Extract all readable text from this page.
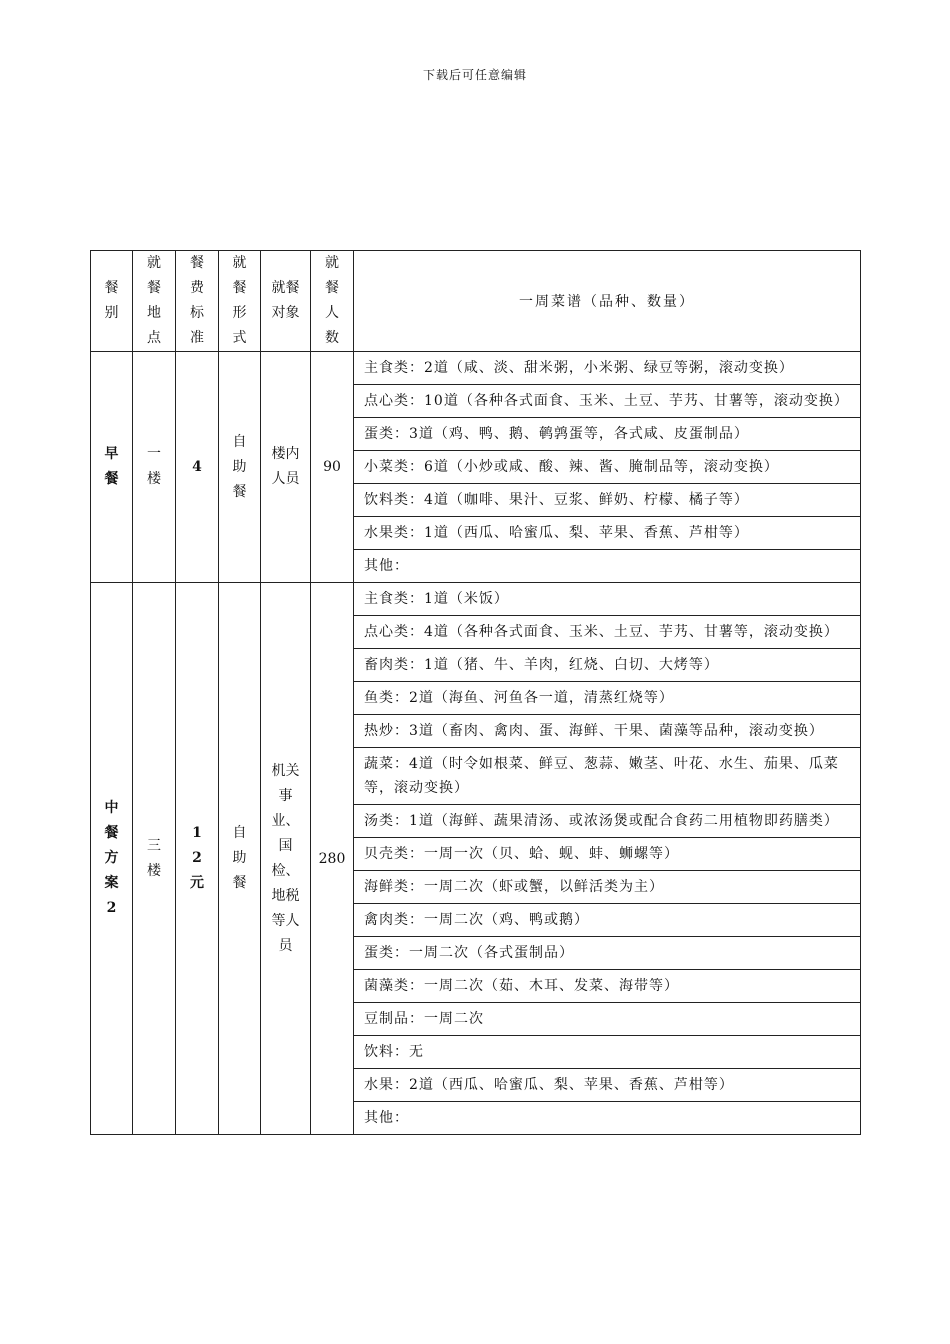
下载后可任意编辑
餐别	就餐地点	餐费标准	就餐形式	就餐对象	就餐人数	一周菜谱（品种、数量）
早餐	一楼	4	自助餐	楼内人员	90	主食类：2道（咸、淡、甜米粥，小米粥、绿豆等粥，滚动变换）
						点心类：10道（各种各式面食、玉米、土豆、芋艿、甘薯等，滚动变换）
						蛋类：3道（鸡、鸭、鹅、鹌鹑蛋等，各式咸、皮蛋制品）
						小菜类：6道（小炒或咸、酸、辣、酱、腌制品等，滚动变换）
						饮料类：4道（咖啡、果汁、豆浆、鲜奶、柠檬、橘子等）
						水果类：1道（西瓜、哈蜜瓜、梨、苹果、香蕉、芦柑等）
						其他：
中餐方案2	三楼	12元	自助餐	机关事业、国检、地税等人员	280	主食类：1道（米饭）
						点心类：4道（各种各式面食、玉米、土豆、芋艿、甘薯等，滚动变换）
						畜肉类：1道（猪、牛、羊肉，红烧、白切、大烤等）
						鱼类：2道（海鱼、河鱼各一道，清蒸红烧等）
						热炒：3道（畜肉、禽肉、蛋、海鲜、干果、菌藻等品种，滚动变换）
						蔬菜：4道（时令如根菜、鲜豆、葱蒜、嫩茎、叶花、水生、茄果、瓜菜等，滚动变换）
						汤类：1道（海鲜、蔬果清汤、或浓汤煲或配合食药二用植物即药膳类）
						贝壳类：一周一次（贝、蛤、蚬、蚌、蛳螺等）
						海鲜类：一周二次（虾或蟹，以鲜活类为主）
						禽肉类：一周二次（鸡、鸭或鹅）
						蛋类：一周二次（各式蛋制品）
						菌藻类：一周二次（茹、木耳、发菜、海带等）
						豆制品：一周二次
						饮料：无
						水果：2道（西瓜、哈蜜瓜、梨、苹果、香蕉、芦柑等）
						其他：
